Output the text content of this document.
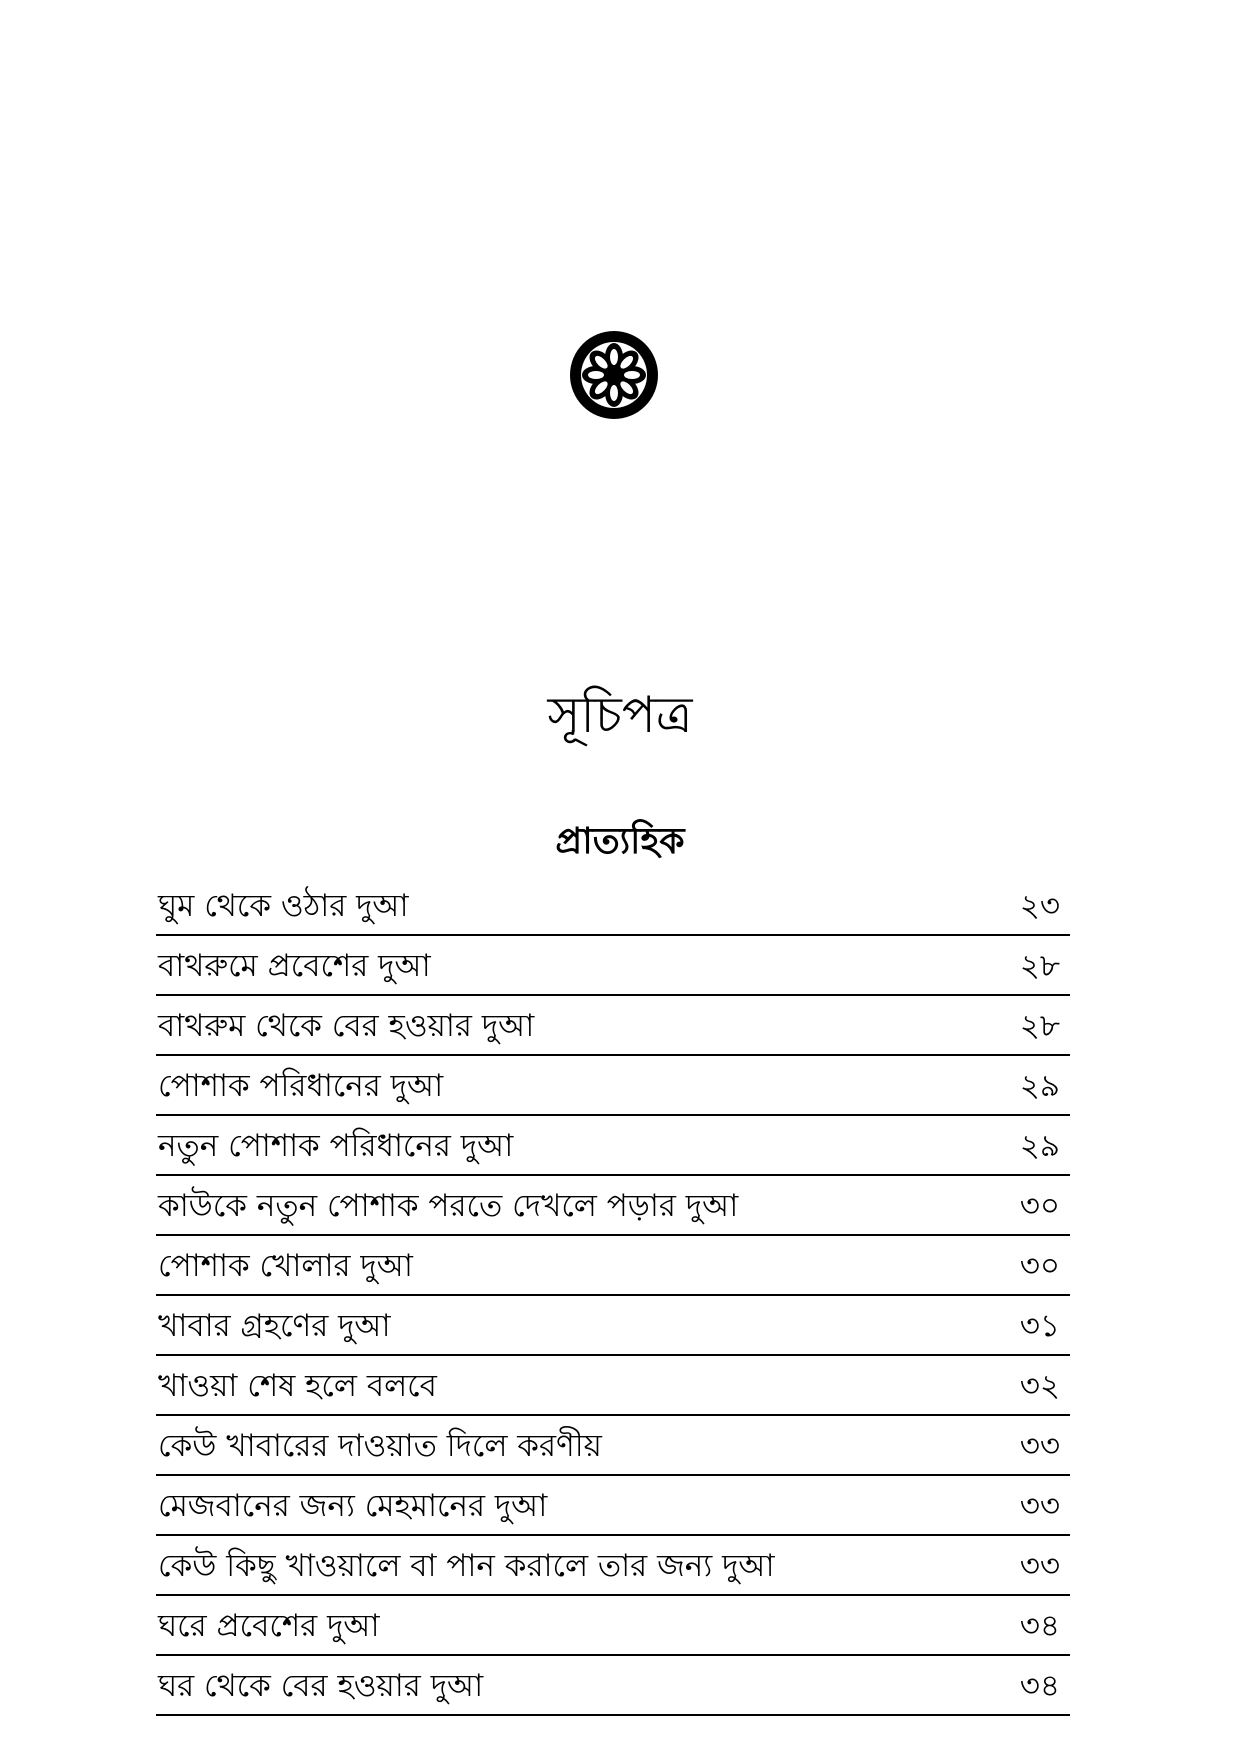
সূচিপত্র
প্রাত্যহিক
ঘুম থেকে ওঠার দুআ	২৩
বাথরুমে প্রবেশের দুআ	২৮
বাথরুম থেকে বের হওয়ার দুআ	২৮
পোশাক পরিধানের দুআ	২৯
নতুন পোশাক পরিধানের দুআ	২৯
কাউকে নতুন পোশাক পরতে দেখলে পড়ার দুআ	৩০
পোশাক খোলার দুআ	৩০
খাবার গ্রহণের দুআ	৩১
খাওয়া শেষ হলে বলবে	৩২
কেউ খাবারের দাওয়াত দিলে করণীয়	৩৩
মেজবানের জন্য মেহমানের দুআ	৩৩
কেউ কিছু খাওয়ালে বা পান করালে তার জন্য দুআ	৩৩
ঘরে প্রবেশের দুআ	৩৪
ঘর থেকে বের হওয়ার দুআ	৩৪
